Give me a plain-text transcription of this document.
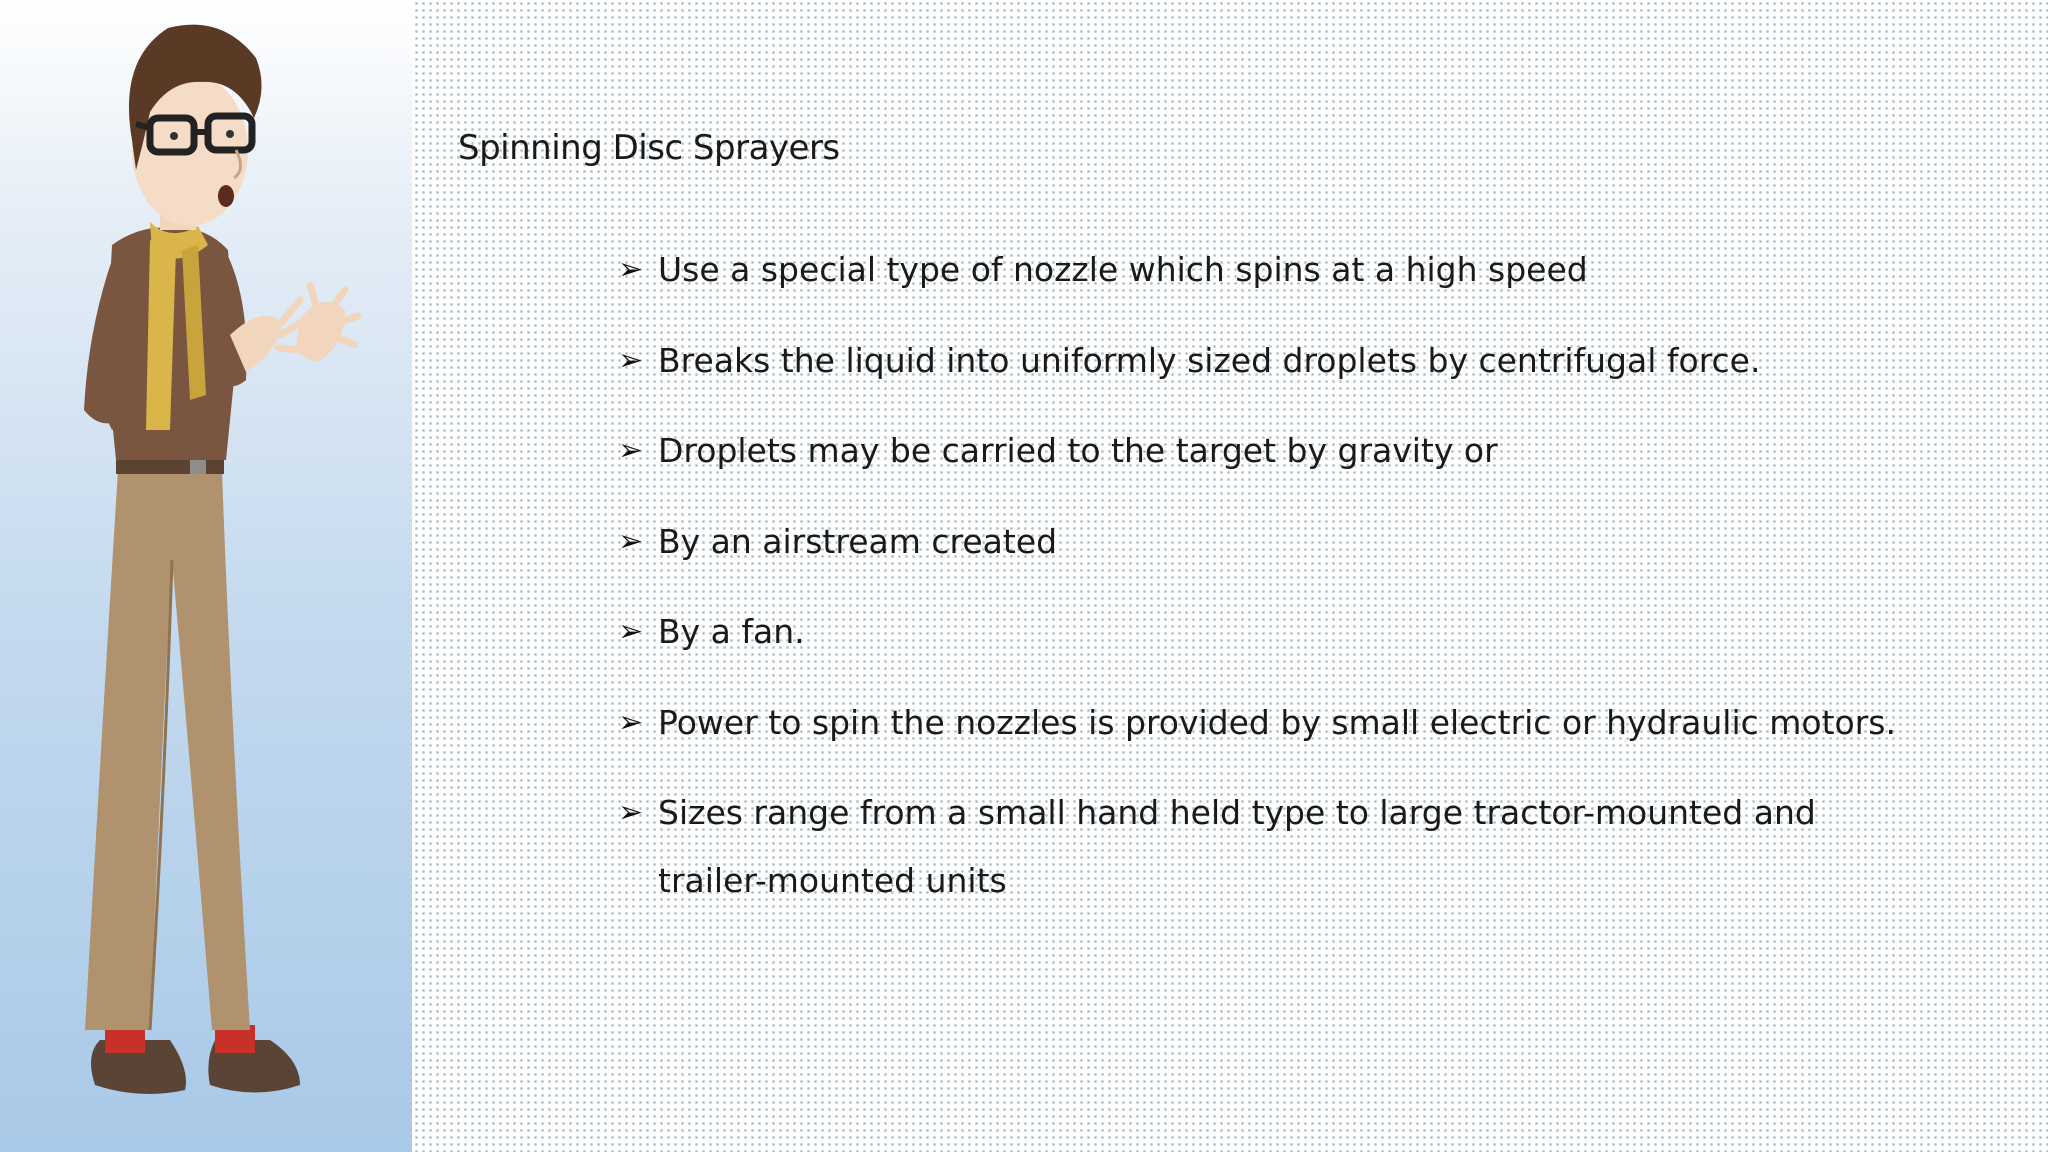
Spinning Disc Sprayers
➢ Use a special type of nozzle which spins at a high speed
➢ Breaks the liquid into uniformly sized droplets by centrifugal force.
➢ Droplets may be carried to the target by gravity or
➢ By an airstream created
➢ By a fan.
➢ Power to spin the nozzles is provided by small electric or hydraulic motors.
➢ Sizes range from a small hand held type to large tractor-mounted and trailer-mounted units
